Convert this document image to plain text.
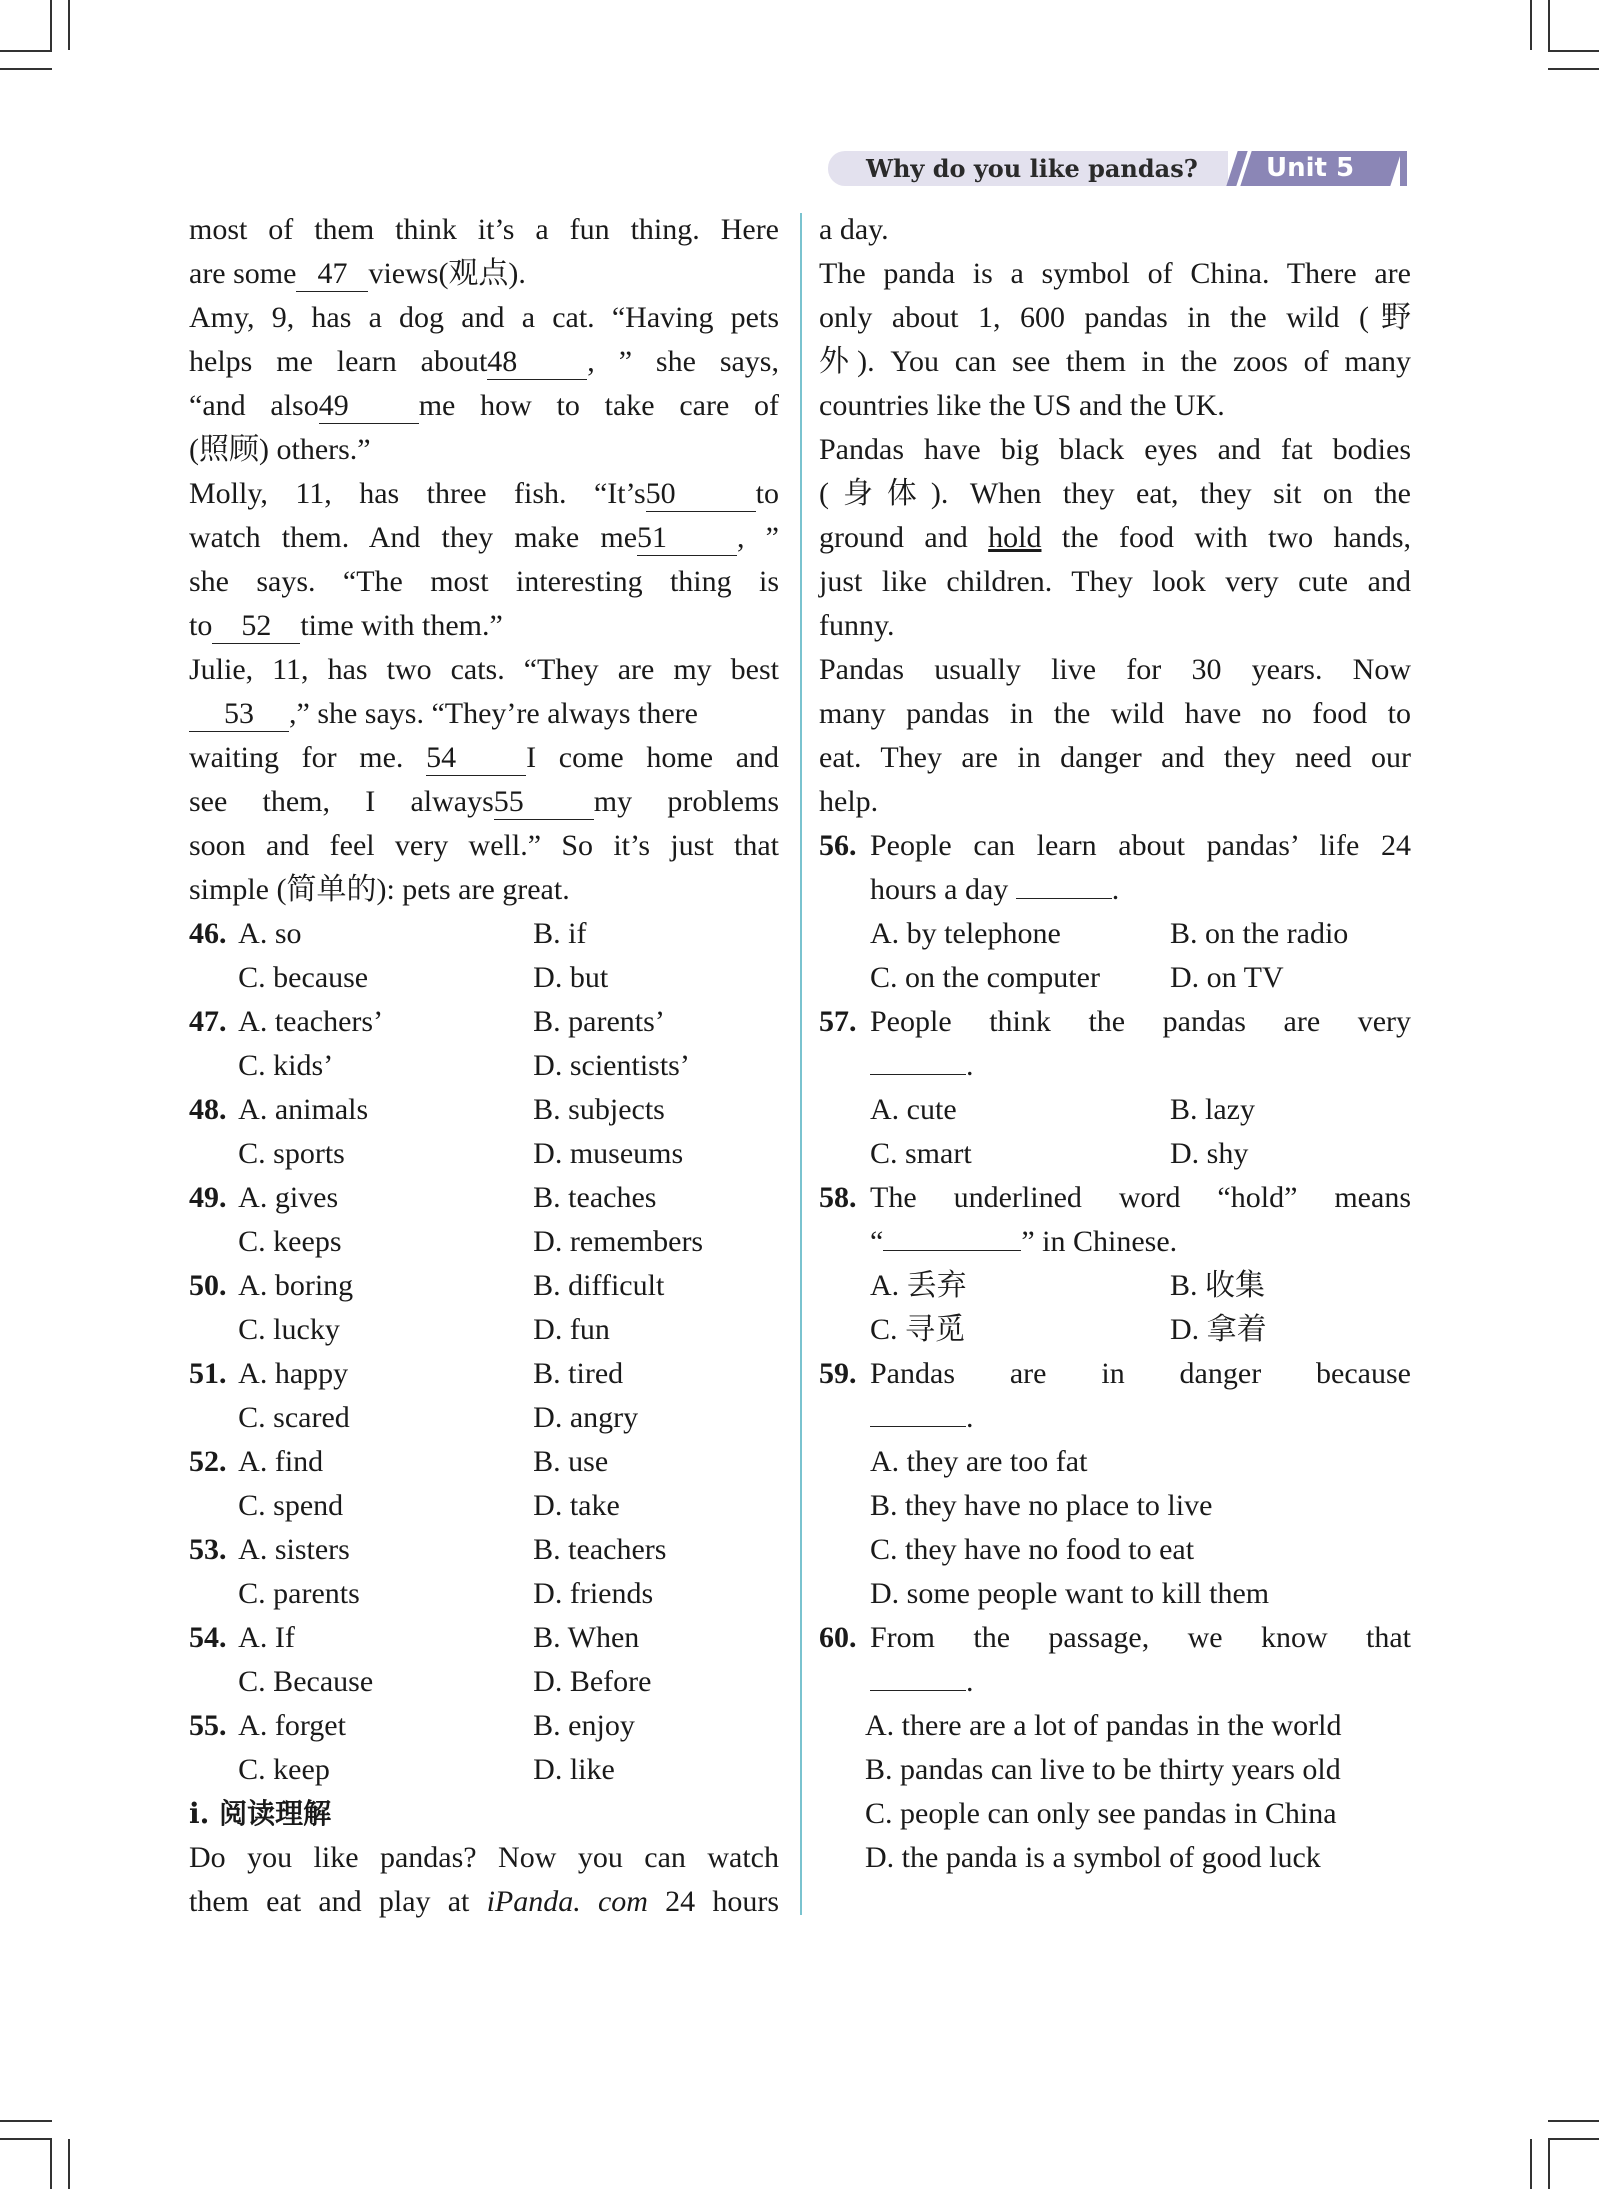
Why do you like pandas?	Unit 5
most of them think it’s a fun thing. Here
are some 47 views(观点).
Amy, 9, has a dog and a cat. “Having pets
helps me learn about48 , ” she says,
“and also49 me how to take care of
(照顾) others.”
Molly, 11, has three fish. “It’s50	to
watch them. And they make me51 , ”
she says. “The most interesting thing is
to 52 time with them.”
Julie, 11, has two cats. “They are my best
53 ,” she says. “They’re always there
waiting for me. 54 I come home and
see them, I always55 my problems
soon and feel very well.” So it’s just that
simple (简单的): pets are great.
46. A. so	B. if
C. because	D. but
47. A. teachers’	B. parents’
C. kids’	D. scientists’
48. A. animals	B. subjects
C. sports	D. museums
49. A. gives	B. teaches
C. keeps	D. remembers
50. A. boring	B. difficult
C. lucky	D. fun
51. A. happy	B. tired
C. scared	D. angry
52. A. find	B. use
C. spend	D. take
53. A. sisters	B. teachers
C. parents	D. friends
54. A. If	B. When
C. Because	D. Before
55. A. forget	B. enjoy
C. keep	D. like
ⅰ. 阅读理解
Do you like pandas? Now you can watch
them eat and play at iPanda. com 24 hours
a day.
The panda is a symbol of China. There are
only about 1, 600 pandas in the wild (野
外). You can see them in the zoos of many
countries like the US and the UK.
Pandas have big black eyes and fat bodies
(身体). When they eat, they sit on the
ground and hold the food with two hands,
just like children. They look very cute and
funny.
Pandas usually live for 30 years. Now
many pandas in the wild have no food to
eat. They are in danger and they need our
help.
56. People can learn about pandas’ life 24
hours a day	.
A. by telephone	B. on the radio
C. on the computer	D. on TV
57. People think the pandas are very
.
A. cute	B. lazy
C. smart	D. shy
58. The underlined word “hold” means
“	” in Chinese.
A. 丢弃	B. 收集
C. 寻觅	D. 拿着
59. Pandas are in danger because
.
A. they are too fat
B. they have no place to live
C. they have no food to eat
D. some people want to kill them
60. From the passage, we know that
.
A. there are a lot of pandas in the world
B. pandas can live to be thirty years old
C. people can only see pandas in China
D. the panda is a symbol of good luck
